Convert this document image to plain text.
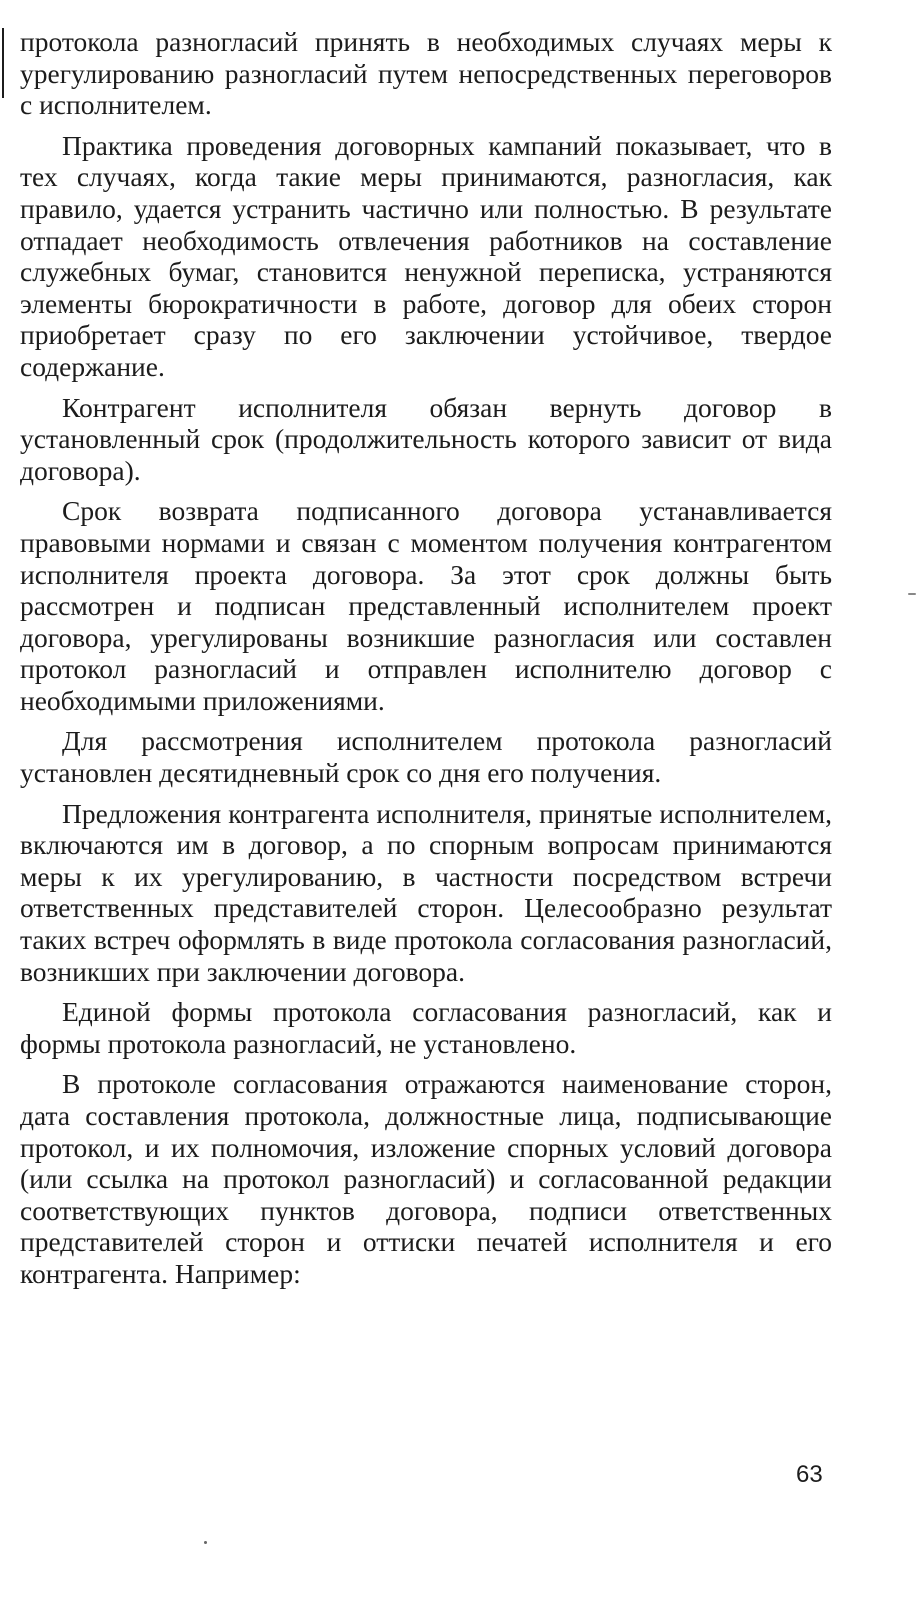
протокола разногласий принять в необходимых случаях меры к урегулированию разногласий путем непосредственных переговоров с исполнителем.

Практика проведения договорных кампаний показывает, что в тех случаях, когда такие меры принимаются, разногласия, как правило, удается устранить частично или полностью. В результате отпадает необходимость отвлечения работников на составление служебных бумаг, становится ненужной переписка, устраняются элементы бюрократичности в работе, договор для обеих сторон приобретает сразу по его заключении устойчивое, твердое содержание.

Контрагент исполнителя обязан вернуть договор в установленный срок (продолжительность которого зависит от вида договора).

Срок возврата подписанного договора устанавливается правовыми нормами и связан с моментом получения контрагентом исполнителя проекта договора. За этот срок должны быть рассмотрен и подписан представленный исполнителем проект договора, урегулированы возникшие разногласия или составлен протокол разногласий и отправлен исполнителю договор с необходимыми приложениями.

Для рассмотрения исполнителем протокола разногласий установлен десятидневный срок со дня его получения.

Предложения контрагента исполнителя, принятые исполнителем, включаются им в договор, а по спорным вопросам принимаются меры к их урегулированию, в частности посредством встречи ответственных представителей сторон. Целесообразно результат таких встреч оформлять в виде протокола согласования разногласий, возникших при заключении договора.

Единой формы протокола согласования разногласий, как и формы протокола разногласий, не установлено.

В протоколе согласования отражаются наименование сторон, дата составления протокола, должностные лица, подписывающие протокол, и их полномочия, изложение спорных условий договора (или ссылка на протокол разногласий) и согласованной редакции соответствующих пунктов договора, подписи ответственных представителей сторон и оттиски печатей исполнителя и его контрагента. Например:

63
